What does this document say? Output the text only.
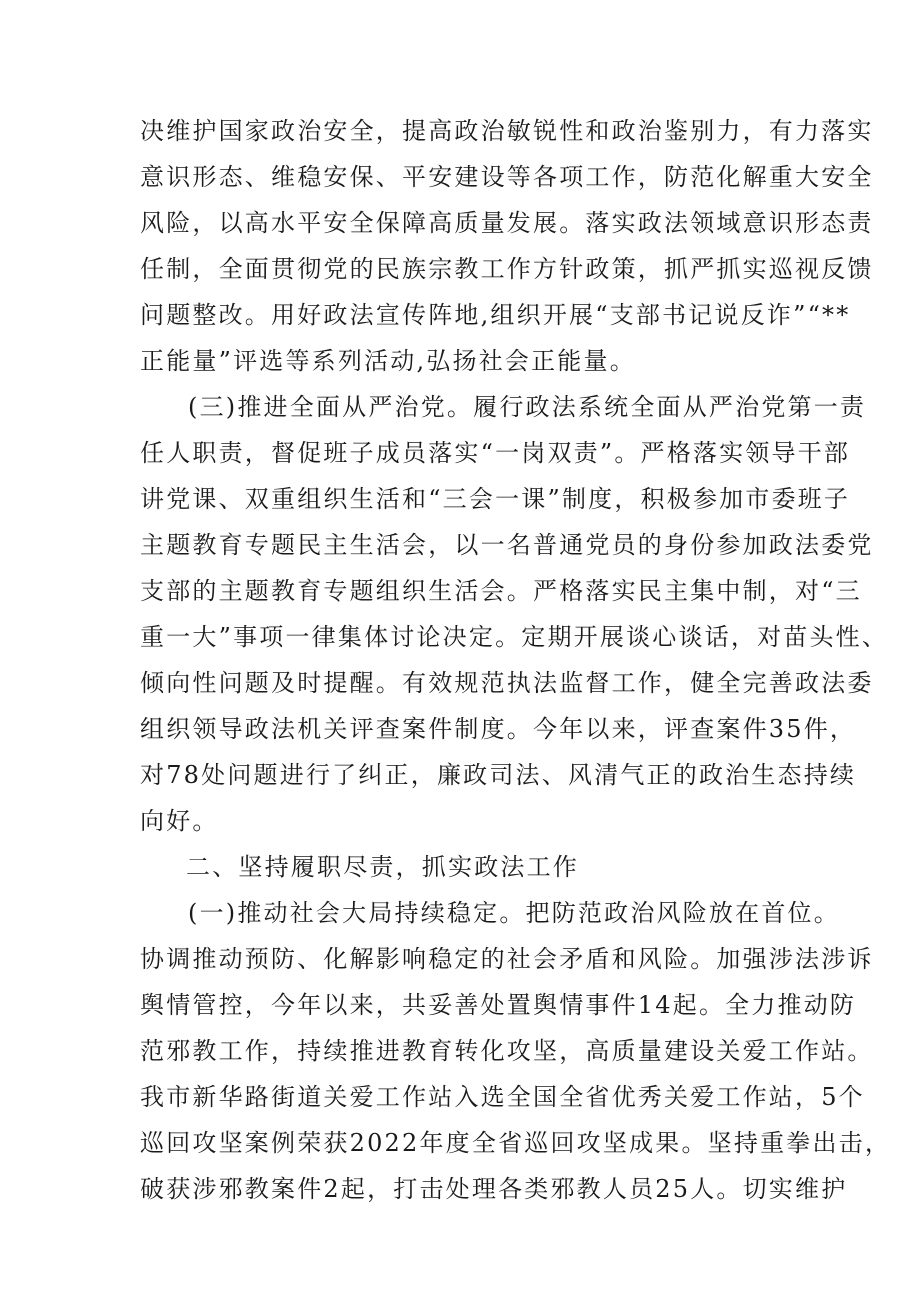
决维护国家政治安全，提高政治敏锐性和政治鉴别力，有力落实
意识形态、维稳安保、平安建设等各项工作，防范化解重大安全
风险，以高水平安全保障高质量发展。落实政法领域意识形态责
任制，全面贯彻党的民族宗教工作方针政策，抓严抓实巡视反馈
问题整改。用好政法宣传阵地,组织开展“支部书记说反诈”“**
正能量”评选等系列活动,弘扬社会正能量。
(三)推进全面从严治党。履行政法系统全面从严治党第一责
任人职责，督促班子成员落实“一岗双责”。严格落实领导干部
讲党课、双重组织生活和“三会一课”制度，积极参加市委班子
主题教育专题民主生活会，以一名普通党员的身份参加政法委党
支部的主题教育专题组织生活会。严格落实民主集中制，对“三
重一大”事项一律集体讨论决定。定期开展谈心谈话，对苗头性、
倾向性问题及时提醒。有效规范执法监督工作，健全完善政法委
组织领导政法机关评查案件制度。今年以来，评查案件35件，
对78处问题进行了纠正，廉政司法、风清气正的政治生态持续
向好。
二、坚持履职尽责，抓实政法工作
(一)推动社会大局持续稳定。把防范政治风险放在首位。
协调推动预防、化解影响稳定的社会矛盾和风险。加强涉法涉诉
舆情管控，今年以来，共妥善处置舆情事件14起。全力推动防
范邪教工作，持续推进教育转化攻坚，高质量建设关爱工作站。
我市新华路街道关爱工作站入选全国全省优秀关爱工作站，5个
巡回攻坚案例荣获2022年度全省巡回攻坚成果。坚持重拳出击，
破获涉邪教案件2起，打击处理各类邪教人员25人。切实维护
